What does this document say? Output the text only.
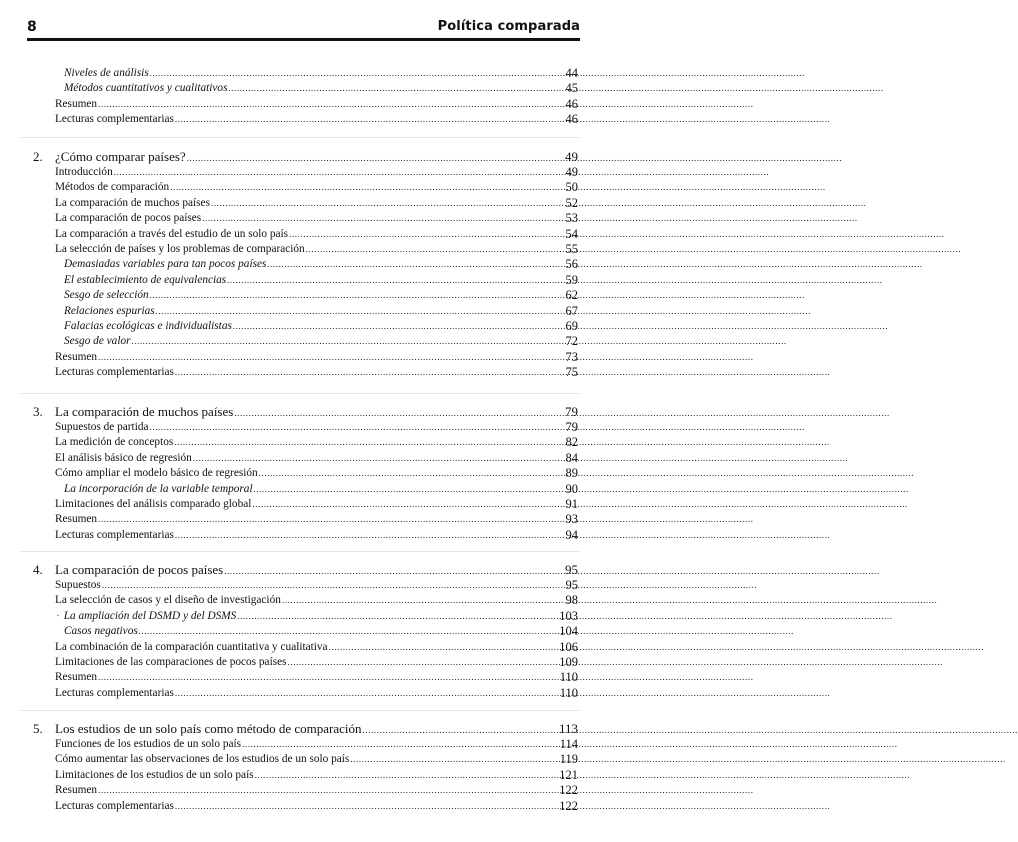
8	Política comparada
Niveles de análisis .....	44
Métodos cuantitativos y cualitativos .....	45
Resumen .....	46
Lecturas complementarias .....	46
2. ¿Cómo comparar países? .....	49
Introducción .....	49
Métodos de comparación .....	50
La comparación de muchos países .....	52
La comparación de pocos países .....	53
La comparación a través del estudio de un solo país .....	54
La selección de países y los problemas de comparación .....	55
Demasiadas variables para tan pocos países .....	56
El establecimiento de equivalencias .....	59
Sesgo de selección .....	62
Relaciones espurias .....	67
Falacias ecológicas e individualistas .....	69
Sesgo de valor .....	72
Resumen .....	73
Lecturas complementarias .....	75
3. La comparación de muchos países .....	79
Supuestos de partida .....	79
La medición de conceptos .....	82
El análisis básico de regresión .....	84
Cómo ampliar el modelo básico de regresión .....	89
La incorporación de la variable temporal .....	90
Limitaciones del análisis comparado global .....	91
Resumen .....	93
Lecturas complementarias .....	94
4. La comparación de pocos países .....	95
Supuestos .....	95
La selección de casos y el diseño de investigación .....	98
· La ampliación del DSMD y del DSMS .....	103
Casos negativos .....	104
La combinación de la comparación cuantitativa y cualitativa .....	106
Limitaciones de las comparaciones de pocos países .....	109
Resumen .....	110
Lecturas complementarias .....	110
5. Los estudios de un solo país como método de comparación .....	113
Funciones de los estudios de un solo país .....	114
Cómo aumentar las observaciones de los estudios de un solo país .....	119
Limitaciones de los estudios de un solo país .....	121
Resumen .....	122
Lecturas complementarias .....	122
